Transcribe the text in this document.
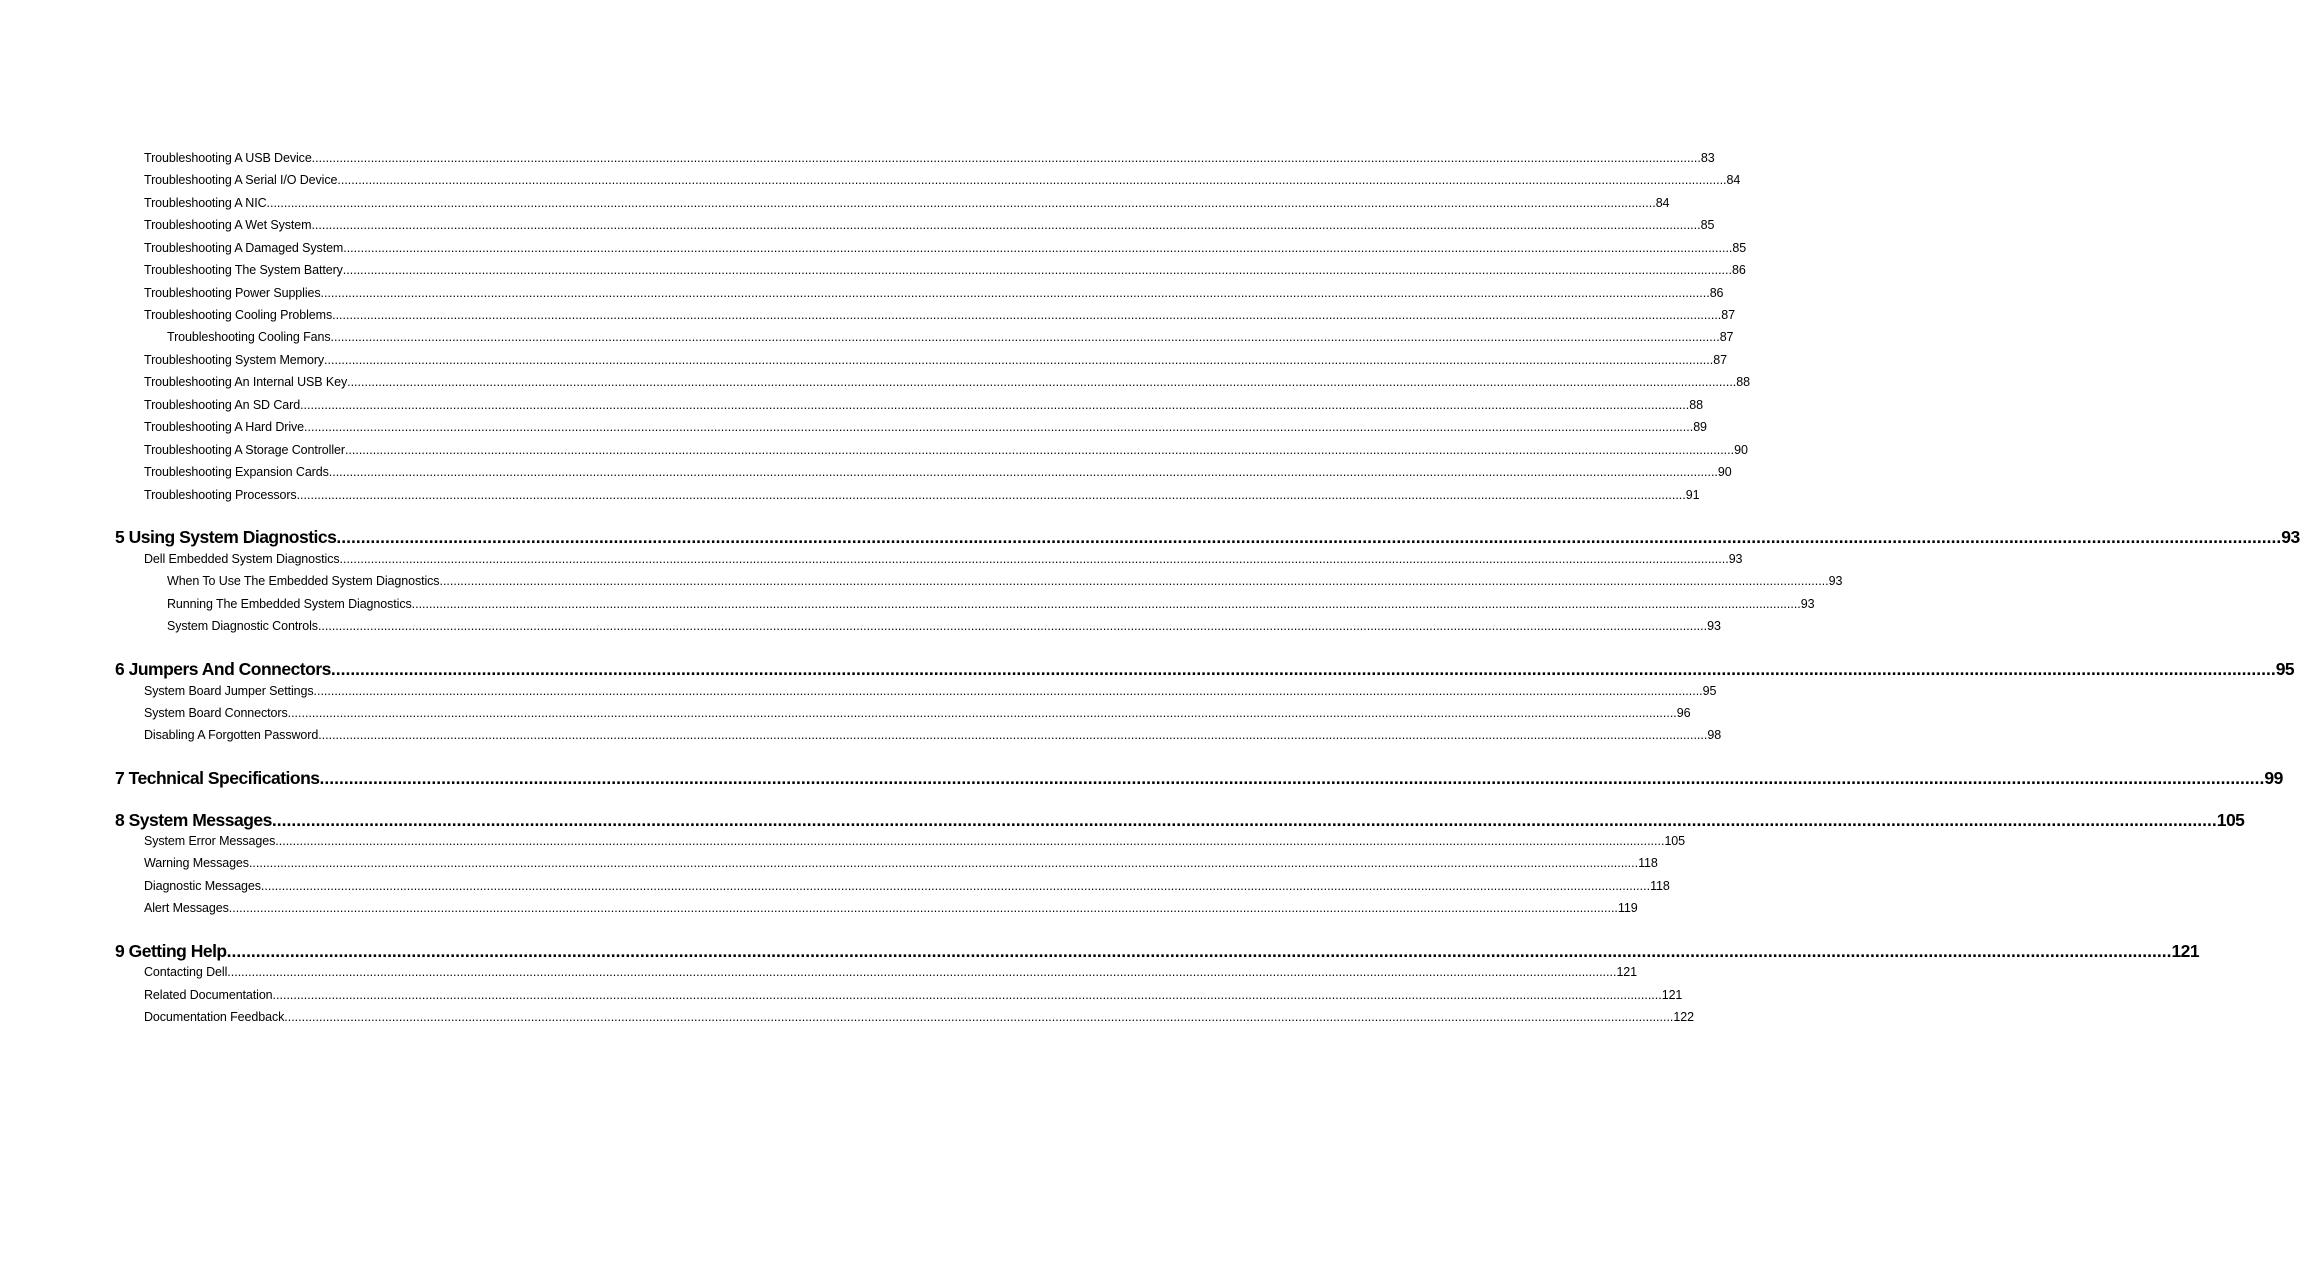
Troubleshooting A USB Device ................................................................................................................................................................................................................................................................................................................................................................................................................ 83
Troubleshooting A Serial I/O Device ................................................................................................................................................................................................................................................................................................................................................................................................................ 84
Troubleshooting A NIC ................................................................................................................................................................................................................................................................................................................................................................................................................ 84
Troubleshooting A Wet System ................................................................................................................................................................................................................................................................................................................................................................................................................ 85
Troubleshooting A Damaged System ................................................................................................................................................................................................................................................................................................................................................................................................................ 85
Troubleshooting The System Battery ................................................................................................................................................................................................................................................................................................................................................................................................................ 86
Troubleshooting Power Supplies ................................................................................................................................................................................................................................................................................................................................................................................................................ 86
Troubleshooting Cooling Problems ................................................................................................................................................................................................................................................................................................................................................................................................................ 87
Troubleshooting Cooling Fans ................................................................................................................................................................................................................................................................................................................................................................................................................ 87
Troubleshooting System Memory ................................................................................................................................................................................................................................................................................................................................................................................................................ 87
Troubleshooting An Internal USB Key ................................................................................................................................................................................................................................................................................................................................................................................................................ 88
Troubleshooting An SD Card ................................................................................................................................................................................................................................................................................................................................................................................................................ 88
Troubleshooting A Hard Drive ................................................................................................................................................................................................................................................................................................................................................................................................................ 89
Troubleshooting A Storage Controller ................................................................................................................................................................................................................................................................................................................................................................................................................ 90
Troubleshooting Expansion Cards ................................................................................................................................................................................................................................................................................................................................................................................................................ 90
Troubleshooting Processors ................................................................................................................................................................................................................................................................................................................................................................................................................ 91
5 Using System Diagnostics ................................................................................................................................................................................................................................................................................................................................................................................................................ 93
Dell Embedded System Diagnostics ................................................................................................................................................................................................................................................................................................................................................................................................................ 93
When To Use The Embedded System Diagnostics ................................................................................................................................................................................................................................................................................................................................................................................................................ 93
Running The Embedded System Diagnostics ................................................................................................................................................................................................................................................................................................................................................................................................................ 93
System Diagnostic Controls ................................................................................................................................................................................................................................................................................................................................................................................................................ 93
6 Jumpers And Connectors ................................................................................................................................................................................................................................................................................................................................................................................................................ 95
System Board Jumper Settings ................................................................................................................................................................................................................................................................................................................................................................................................................ 95
System Board Connectors ................................................................................................................................................................................................................................................................................................................................................................................................................ 96
Disabling A Forgotten Password ................................................................................................................................................................................................................................................................................................................................................................................................................ 98
7 Technical Specifications ................................................................................................................................................................................................................................................................................................................................................................................................................ 99
8 System Messages ................................................................................................................................................................................................................................................................................................................................................................................................................ 105
System Error Messages ................................................................................................................................................................................................................................................................................................................................................................................................................ 105
Warning Messages ................................................................................................................................................................................................................................................................................................................................................................................................................ 118
Diagnostic Messages ................................................................................................................................................................................................................................................................................................................................................................................................................ 118
Alert Messages ................................................................................................................................................................................................................................................................................................................................................................................................................ 119
9 Getting Help ................................................................................................................................................................................................................................................................................................................................................................................................................ 121
Contacting Dell ................................................................................................................................................................................................................................................................................................................................................................................................................ 121
Related Documentation ................................................................................................................................................................................................................................................................................................................................................................................................................ 121
Documentation Feedback ................................................................................................................................................................................................................................................................................................................................................................................................................ 122
